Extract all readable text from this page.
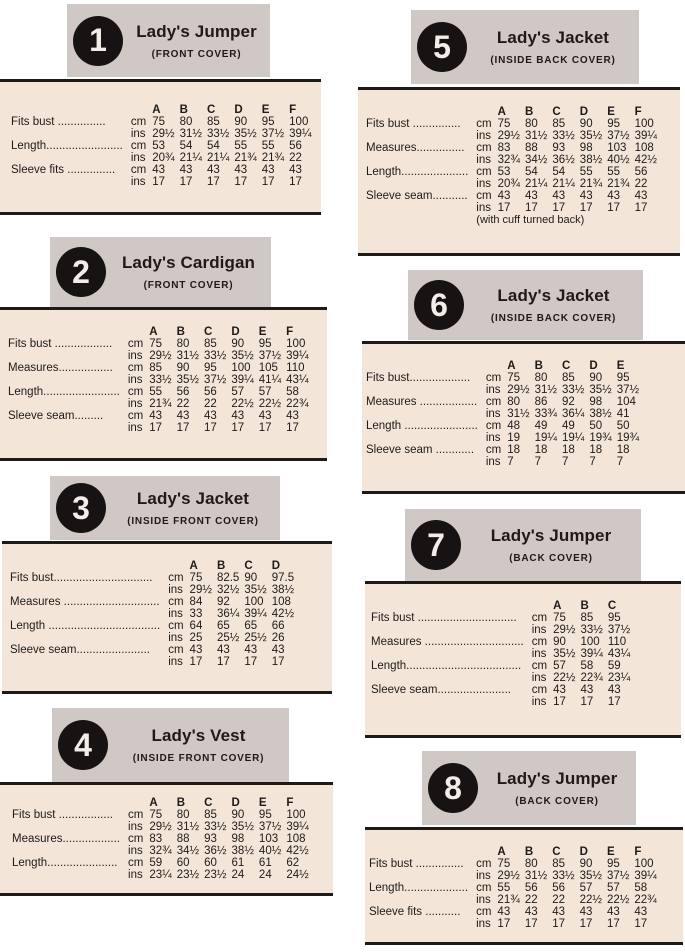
1	Lady's Jumper
(FRONT COVER)
		A	B	C	D	E	F
Fits bust ...............	cm	75	80	85	90	95	100
	ins	29½	31½	33½	35½	37½	39¼
Length........................	cm	53	54	54	55	55	56
	ins	20¾	21¼	21¼	21¾	21¾	22
Sleeve fits ...............	cm	43	43	43	43	43	43
	ins	17	17	17	17	17	17
2	Lady's Cardigan
(FRONT COVER)
		A	B	C	D	E	F
Fits bust ..................	cm	75	80	85	90	95	100
	ins	29½	31½	33½	35½	37½	39¼
Measures.................	cm	85	90	95	100	105	110
	ins	33½	35½	37½	39¼	41¼	43¼
Length........................	cm	55	56	56	57	57	58
	ins	21¾	22	22	22½	22½	22¾
Sleeve seam.........	cm	43	43	43	43	43	43
	ins	17	17	17	17	17	17
3	Lady's Jacket
(INSIDE FRONT COVER)
		A	B	C	D
Fits bust...............................	cm	75	82.5	90	97.5
	ins	29½	32½	35½	38½
Measures ..............................	cm	84	92	100	108
	ins	33	36¼	39¼	42½
Length ...................................	cm	64	65	65	66
	ins	25	25½	25½	26
Sleeve seam.......................	cm	43	43	43	43
	ins	17	17	17	17
4	Lady's Vest
(INSIDE FRONT COVER)
		A	B	C	D	E	F
Fits bust .................	cm	75	80	85	90	95	100
	ins	29½	31½	33½	35½	37½	39¼
Measures..................	cm	83	88	93	98	103	108
	ins	32¾	34½	36½	38½	40½	42½
Length......................	cm	59	60	60	61	61	62
	ins	23¼	23½	23½	24	24	24½
5	Lady's Jacket
(INSIDE BACK COVER)
		A	B	C	D	E	F
Fits bust ...............	cm	75	80	85	90	95	100
	ins	29½	31½	33½	35½	37½	39¼
Measures...............	cm	83	88	93	98	103	108
	ins	32¾	34½	36½	38½	40½	42½
Length.....................	cm	53	54	54	55	55	56
	ins	20¾	21¼	21¼	21¾	21¾	22
Sleeve seam...........	cm	43	43	43	43	43	43
	ins	17	17	17	17	17	17
	(with cuff turned back)						
6	Lady's Jacket
(INSIDE BACK COVER)
		A	B	C	D	E
Fits bust...................	cm	75	80	85	90	95
	ins	29½	31½	33½	35½	37½
Measures ..................	cm	80	86	92	98	104
	ins	31½	33¾	36¼	38½	41
Length .......................	cm	48	49	49	50	50
	ins	19	19¼	19¼	19¾	19¾
Sleeve seam ............	cm	18	18	18	18	18
	ins	7	7	7	7	7
7	Lady's Jumper
(BACK COVER)
		A	B	C
Fits bust ...............................	cm	75	85	95
	ins	29½	33½	37½
Measures ...............................	cm	90	100	110
	ins	35½	39¼	43¼
Length....................................	cm	57	58	59
	ins	22½	22¾	23¼
Sleeve seam.......................	cm	43	43	43
	ins	17	17	17
8	Lady's Jumper
(BACK COVER)
		A	B	C	D	E	F
Fits bust ...............	cm	75	80	85	90	95	100
	ins	29½	31½	33½	35½	37½	39¼
Length....................	cm	55	56	56	57	57	58
	ins	21¾	22	22	22½	22½	22¾
Sleeve fits ...........	cm	43	43	43	43	43	43
	ins	17	17	17	17	17	17
